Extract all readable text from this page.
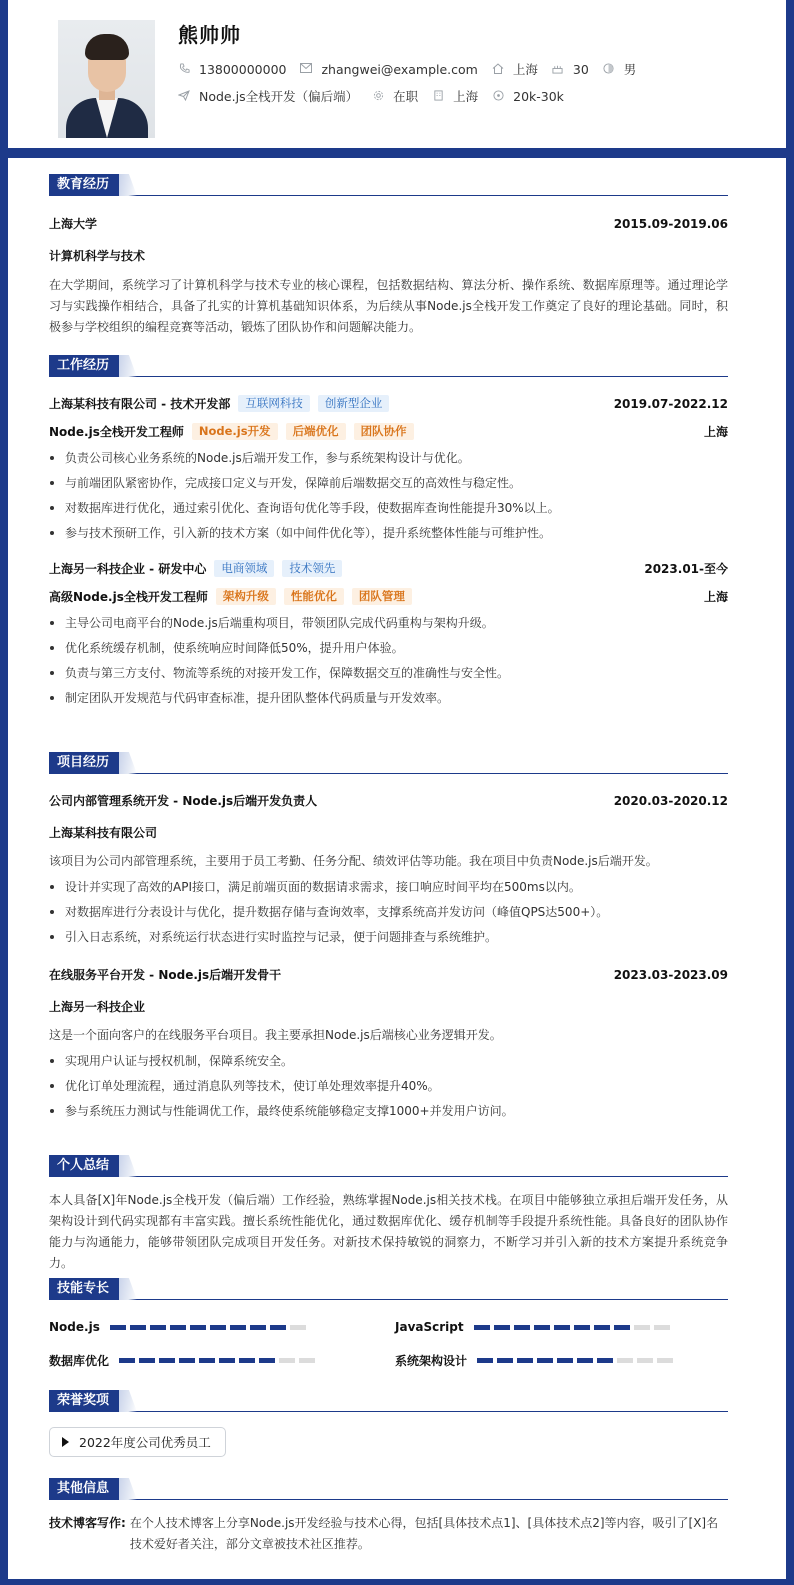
熊帅帅
13800000000	zhangwei@example.com	上海	30	男
Node.js全栈开发（偏后端）	在职	上海	20k-30k
教育经历
上海大学	2015.09-2019.06
计算机科学与技术
在大学期间，系统学习了计算机科学与技术专业的核心课程，包括数据结构、算法分析、操作系统、数据库原理等。通过理论学习与实践操作相结合，具备了扎实的计算机基础知识体系，为后续从事Node.js全栈开发工作奠定了良好的理论基础。同时，积极参与学校组织的编程竞赛等活动，锻炼了团队协作和问题解决能力。
工作经历
上海某科技有限公司 - 技术开发部	互联网科技	创新型企业	2019.07-2022.12
Node.js全栈开发工程师	Node.js开发	后端优化	团队协作	上海
负责公司核心业务系统的Node.js后端开发工作，参与系统架构设计与优化。
与前端团队紧密协作，完成接口定义与开发，保障前后端数据交互的高效性与稳定性。
对数据库进行优化，通过索引优化、查询语句优化等手段，使数据库查询性能提升30%以上。
参与技术预研工作，引入新的技术方案（如中间件优化等），提升系统整体性能与可维护性。
上海另一科技企业 - 研发中心	电商领域	技术领先	2023.01-至今
高级Node.js全栈开发工程师	架构升级	性能优化	团队管理	上海
主导公司电商平台的Node.js后端重构项目，带领团队完成代码重构与架构升级。
优化系统缓存机制，使系统响应时间降低50%，提升用户体验。
负责与第三方支付、物流等系统的对接开发工作，保障数据交互的准确性与安全性。
制定团队开发规范与代码审查标准，提升团队整体代码质量与开发效率。
项目经历
公司内部管理系统开发 - Node.js后端开发负责人	2020.03-2020.12
上海某科技有限公司
该项目为公司内部管理系统，主要用于员工考勤、任务分配、绩效评估等功能。我在项目中负责Node.js后端开发。
设计并实现了高效的API接口，满足前端页面的数据请求需求，接口响应时间平均在500ms以内。
对数据库进行分表设计与优化，提升数据存储与查询效率，支撑系统高并发访问（峰值QPS达500+）。
引入日志系统，对系统运行状态进行实时监控与记录，便于问题排查与系统维护。
在线服务平台开发 - Node.js后端开发骨干	2023.03-2023.09
上海另一科技企业
这是一个面向客户的在线服务平台项目。我主要承担Node.js后端核心业务逻辑开发。
实现用户认证与授权机制，保障系统安全。
优化订单处理流程，通过消息队列等技术，使订单处理效率提升40%。
参与系统压力测试与性能调优工作，最终使系统能够稳定支撑1000+并发用户访问。
个人总结
本人具备[X]年Node.js全栈开发（偏后端）工作经验，熟练掌握Node.js相关技术栈。在项目中能够独立承担后端开发任务，从架构设计到代码实现都有丰富实践。擅长系统性能优化，通过数据库优化、缓存机制等手段提升系统性能。具备良好的团队协作能力与沟通能力，能够带领团队完成项目开发任务。对新技术保持敏锐的洞察力，不断学习并引入新的技术方案提升系统竞争力。
技能专长
Node.js	JavaScript
数据库优化	系统架构设计
荣誉奖项
2022年度公司优秀员工
其他信息
技术博客写作: 在个人技术博客上分享Node.js开发经验与技术心得，包括[具体技术点1]、[具体技术点2]等内容，吸引了[X]名技术爱好者关注，部分文章被技术社区推荐。
